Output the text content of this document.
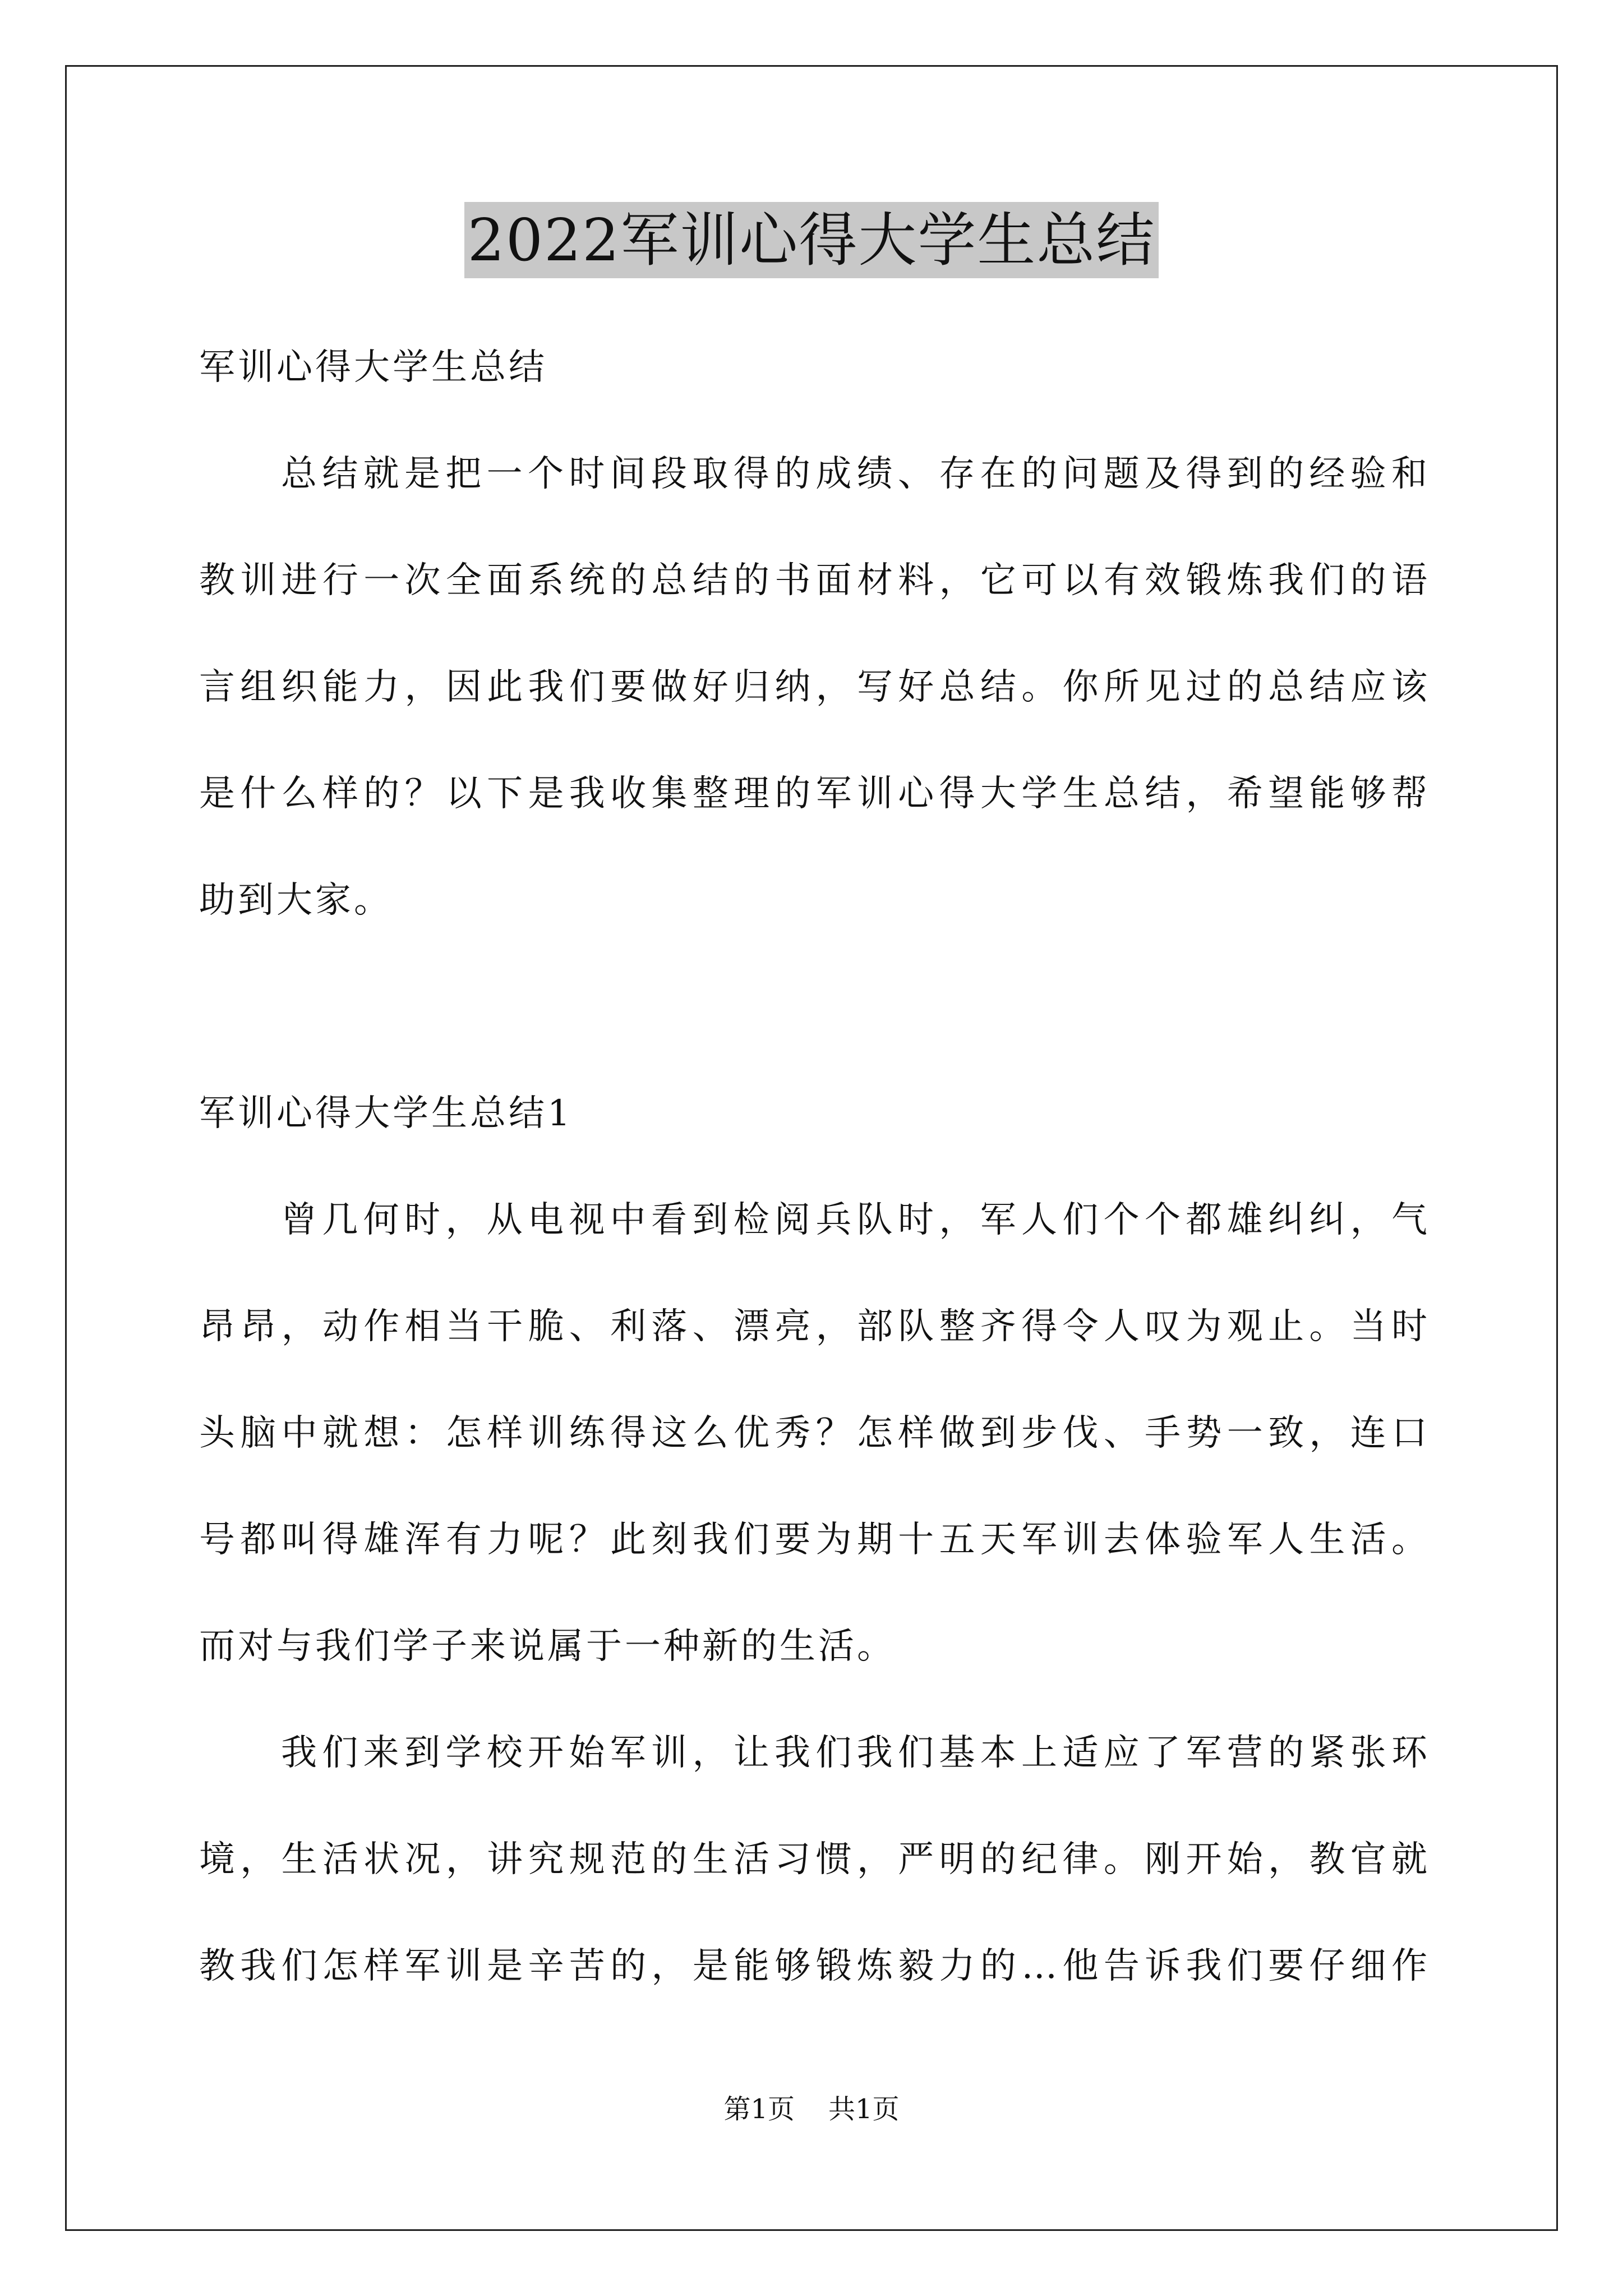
2022军训心得大学生总结
军训心得大学生总结
总结就是把一个时间段取得的成绩、存在的问题及得到的经验和
教训进行一次全面系统的总结的书面材料，它可以有效锻炼我们的语
言组织能力，因此我们要做好归纳，写好总结。你所见过的总结应该
是什么样的？以下是我收集整理的军训心得大学生总结，希望能够帮
助到大家。
军训心得大学生总结1
曾几何时，从电视中看到检阅兵队时，军人们个个都雄纠纠，气
昂昂，动作相当干脆、利落、漂亮，部队整齐得令人叹为观止。当时
头脑中就想：怎样训练得这么优秀？怎样做到步伐、手势一致，连口
号都叫得雄浑有力呢？此刻我们要为期十五天军训去体验军人生活。
而对与我们学子来说属于一种新的生活。
我们来到学校开始军训，让我们我们基本上适应了军营的紧张环
境，生活状况，讲究规范的生活习惯，严明的纪律。刚开始，教官就
教我们怎样军训是辛苦的，是能够锻炼毅力的…他告诉我们要仔细作
第1页 共1页
